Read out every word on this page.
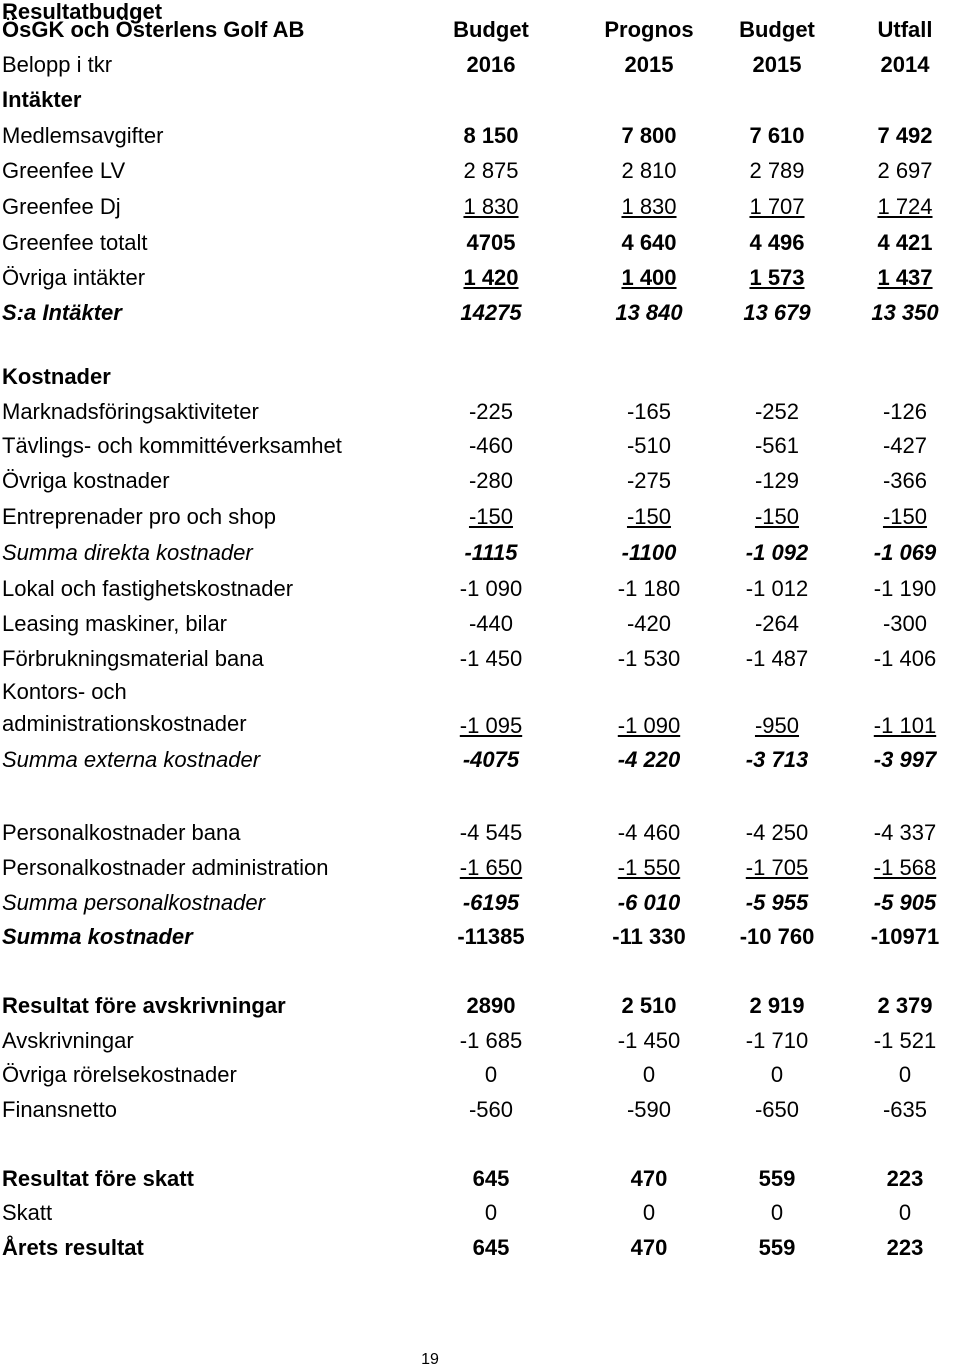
Resultatbudget
ÖsGK och Österlens Golf AB	Budget	Prognos	Budget	Utfall
Belopp i tkr	2016	2015	2015	2014
Intäkter
Medlemsavgifter	8 150	7 800	7 610	7 492
Greenfee LV	2 875	2 810	2 789	2 697
Greenfee Dj	1 830	1 830	1 707	1 724
Greenfee totalt	4705	4 640	4 496	4 421
Övriga intäkter	1 420	1 400	1 573	1 437
S:a Intäkter	14275	13 840	13 679	13 350
Kostnader
Marknadsföringsaktiviteter	-225	-165	-252	-126
Tävlings- och kommittéverksamhet	-460	-510	-561	-427
Övriga kostnader	-280	-275	-129	-366
Entreprenader pro och shop	-150	-150	-150	-150
Summa direkta kostnader	-1115	-1100	-1 092	-1 069
Lokal och fastighetskostnader	-1 090	-1 180	-1 012	-1 190
Leasing maskiner, bilar	-440	-420	-264	-300
Förbrukningsmaterial bana	-1 450	-1 530	-1 487	-1 406
Kontors- och
administrationskostnader	-1 095	-1 090	-950	-1 101
Summa externa kostnader	-4075	-4 220	-3 713	-3 997
Personalkostnader bana	-4 545	-4 460	-4 250	-4 337
Personalkostnader administration	-1 650	-1 550	-1 705	-1 568
Summa personalkostnader	-6195	-6 010	-5 955	-5 905
Summa kostnader	-11385	-11 330	-10 760	-10971
Resultat före avskrivningar	2890	2 510	2 919	2 379
Avskrivningar	-1 685	-1 450	-1 710	-1 521
Övriga rörelsekostnader	0	0	0	0
Finansnetto	-560	-590	-650	-635
Resultat före skatt	645	470	559	223
Skatt	0	0	0	0
Årets resultat	645	470	559	223
19
